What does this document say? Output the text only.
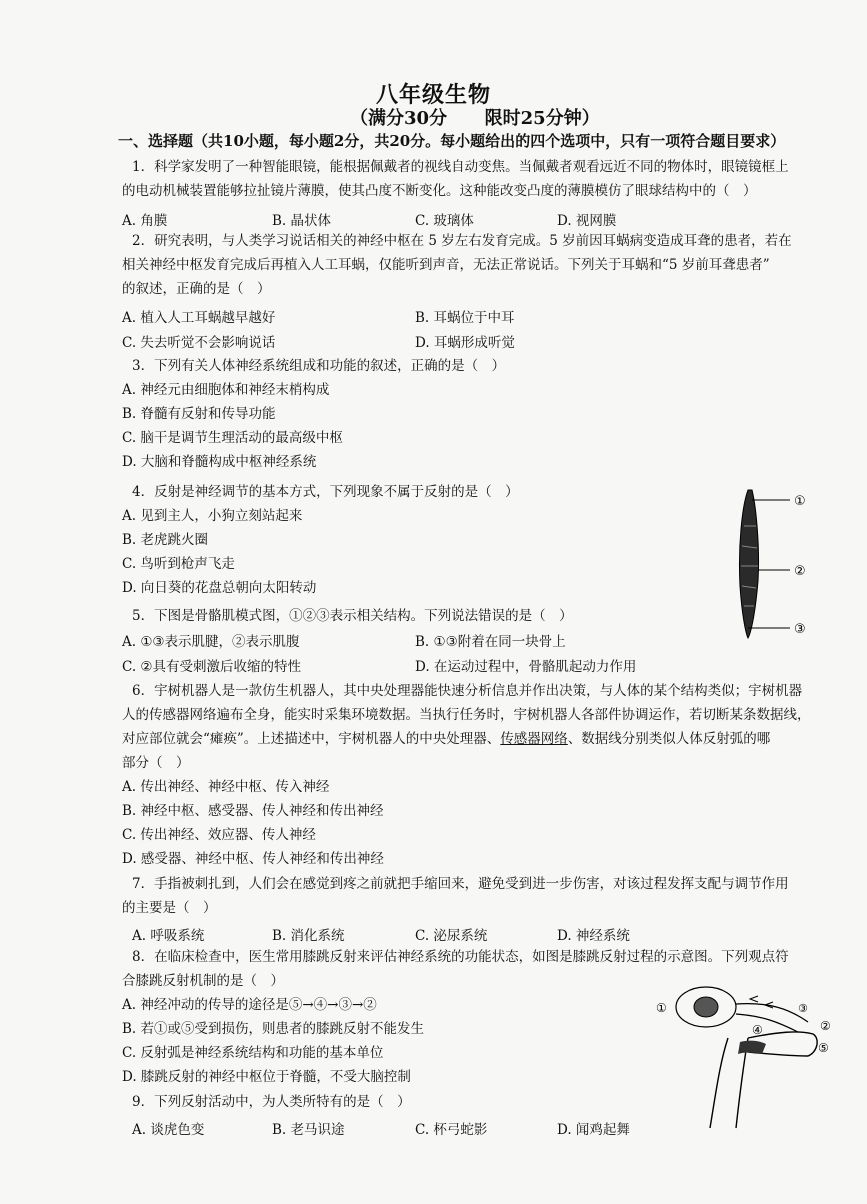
八年级生物
（满分30分      限时25分钟）
一、选择题（共10小题，每小题2分，共20分。每小题给出的四个选项中，只有一项符合题目要求）
1．科学家发明了一种智能眼镜，能根据佩戴者的视线自动变焦。当佩戴者观看远近不同的物体时，眼镜镜框上
的电动机械装置能够拉扯镜片薄膜，使其凸度不断变化。这种能改变凸度的薄膜模仿了眼球结构中的（　）
A. 角膜	B. 晶状体	C. 玻璃体	D. 视网膜
2．研究表明，与人类学习说话相关的神经中枢在 5 岁左右发育完成。5 岁前因耳蜗病变造成耳聋的患者，若在
相关神经中枢发育完成后再植入人工耳蜗，仅能听到声音，无法正常说话。下列关于耳蜗和“5 岁前耳聋患者”
的叙述，正确的是（　）
A. 植入人工耳蜗越早越好	B. 耳蜗位于中耳
C. 失去听觉不会影响说话	D. 耳蜗形成听觉
3．下列有关人体神经系统组成和功能的叙述，正确的是（　）
A. 神经元由细胞体和神经末梢构成
B. 脊髓有反射和传导功能
C. 脑干是调节生理活动的最高级中枢
D. 大脑和脊髓构成中枢神经系统
4．反射是神经调节的基本方式，下列现象不属于反射的是（　）
A. 见到主人，小狗立刻站起来
B. 老虎跳火圈
C. 鸟听到枪声飞走
D. 向日葵的花盘总朝向太阳转动
①
②
③
5．下图是骨骼肌模式图，①②③表示相关结构。下列说法错误的是（　）
A. ①③表示肌腱，②表示肌腹	B. ①③附着在同一块骨上
C. ②具有受刺激后收缩的特性	D. 在运动过程中，骨骼肌起动力作用
6．宇树机器人是一款仿生机器人，其中央处理器能快速分析信息并作出决策，与人体的某个结构类似；宇树机器
人的传感器网络遍布全身，能实时采集环境数据。当执行任务时，宇树机器人各部件协调运作，若切断某条数据线，
对应部位就会“瘫痪”。上述描述中，宇树机器人的中央处理器、传感器网络、数据线分别类似人体反射弧的哪
部分（　）
A. 传出神经、神经中枢、传入神经
B. 神经中枢、感受器、传人神经和传出神经
C. 传出神经、效应器、传人神经
D. 感受器、神经中枢、传人神经和传出神经
7．手指被刺扎到，人们会在感觉到疼之前就把手缩回来，避免受到进一步伤害，对该过程发挥支配与调节作用
的主要是（　）
A. 呼吸系统	B. 消化系统	C. 泌尿系统	D. 神经系统
8．在临床检查中，医生常用膝跳反射来评估神经系统的功能状态，如图是膝跳反射过程的示意图。下列观点符
合膝跳反射机制的是（　）
A. 神经冲动的传导的途径是⑤→④→③→②
B. 若①或⑤受到损伤，则患者的膝跳反射不能发生
C. 反射弧是神经系统结构和功能的基本单位
D. 膝跳反射的神经中枢位于脊髓，不受大脑控制
①
②
④
⑤
③
9．下列反射活动中，为人类所特有的是（　）
A. 谈虎色变	B. 老马识途	C. 杯弓蛇影	D. 闻鸡起舞
